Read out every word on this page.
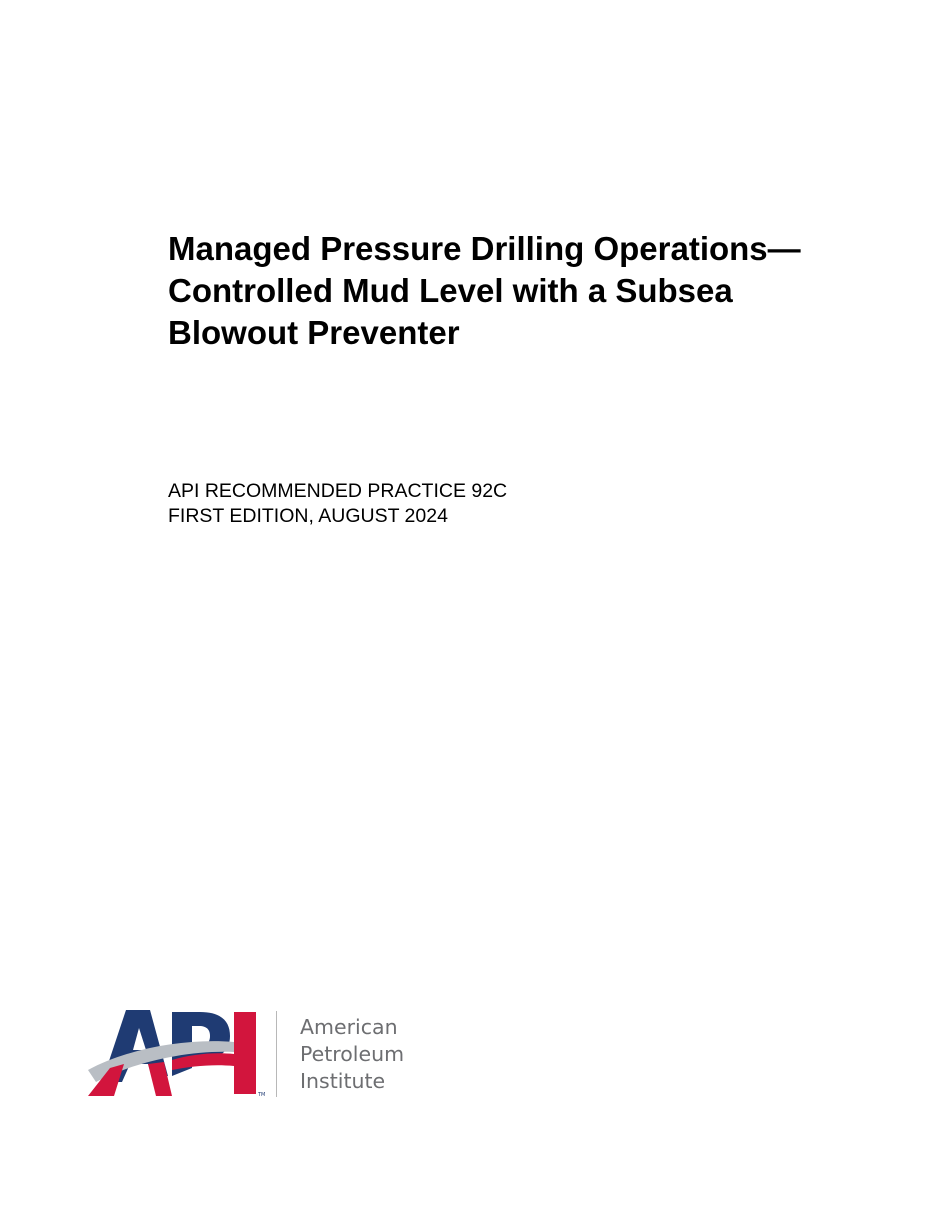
Managed Pressure Drilling Operations—
Controlled Mud Level with a Subsea
Blowout Preventer
API RECOMMENDED PRACTICE 92C
FIRST EDITION, AUGUST 2024
TM
American
Petroleum
Institute
